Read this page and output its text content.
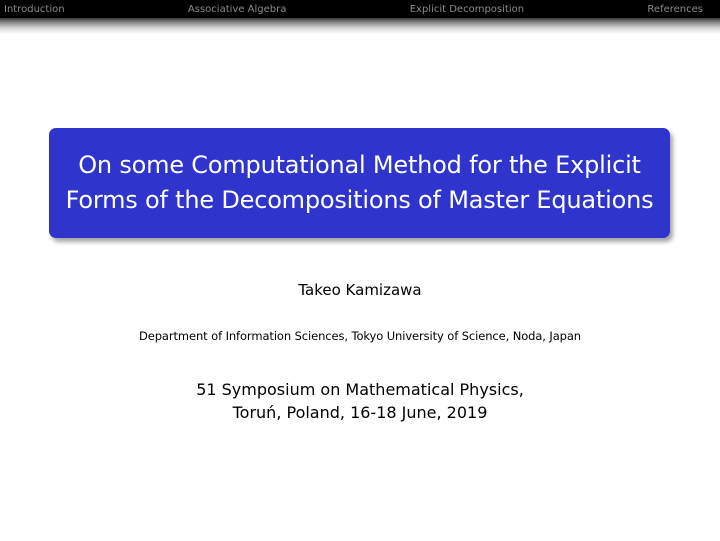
Introduction	Associative Algebra	Explicit Decomposition	References
On some Computational Method for the Explicit
Forms of the Decompositions of Master Equations
Takeo Kamizawa
Department of Information Sciences, Tokyo University of Science, Noda, Japan
51 Symposium on Mathematical Physics,
Toruń, Poland, 16-18 June, 2019
